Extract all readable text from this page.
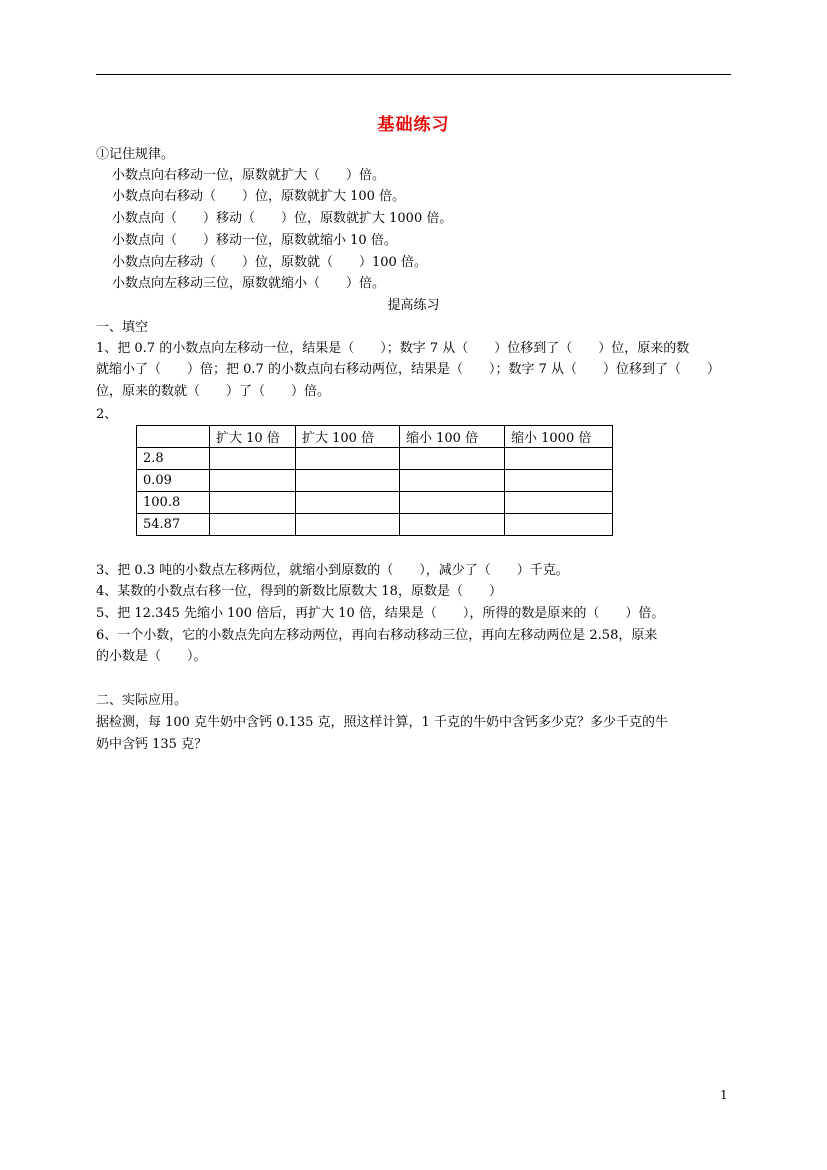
基础练习
①记住规律。
小数点向右移动一位，原数就扩大（　　）倍。
小数点向右移动（　　）位，原数就扩大 100 倍。
小数点向（　　）移动（　　）位，原数就扩大 1000 倍。
小数点向（　　）移动一位，原数就缩小 10 倍。
小数点向左移动（　　）位，原数就（　　）100 倍。
小数点向左移动三位，原数就缩小（　　）倍。
提高练习
一、填空
1、把 0.7 的小数点向左移动一位，结果是（　　）；数字 7 从（　　）位移到了（　　）位，原来的数
就缩小了（　　）倍；把 0.7 的小数点向右移动两位，结果是（　　）；数字 7 从（　　）位移到了（　　）
位，原来的数就（　　）了（　　）倍。
2、
	扩大 10 倍	扩大 100 倍	缩小 100 倍	缩小 1000 倍
2.8				
0.09				
100.8				
54.87				
3、把 0.3 吨的小数点左移两位，就缩小到原数的（　　），减少了（　　）千克。
4、某数的小数点右移一位，得到的新数比原数大 18，原数是（　　）
5、把 12.345 先缩小 100 倍后，再扩大 10 倍，结果是（　　），所得的数是原来的（　　）倍。
6、一个小数，它的小数点先向左移动两位，再向右移动移动三位，再向左移动两位是 2.58，原来
的小数是（　　）。
二、实际应用。
据检测，每 100 克牛奶中含钙 0.135 克，照这样计算，1 千克的牛奶中含钙多少克？多少千克的牛
奶中含钙 135 克？
1
